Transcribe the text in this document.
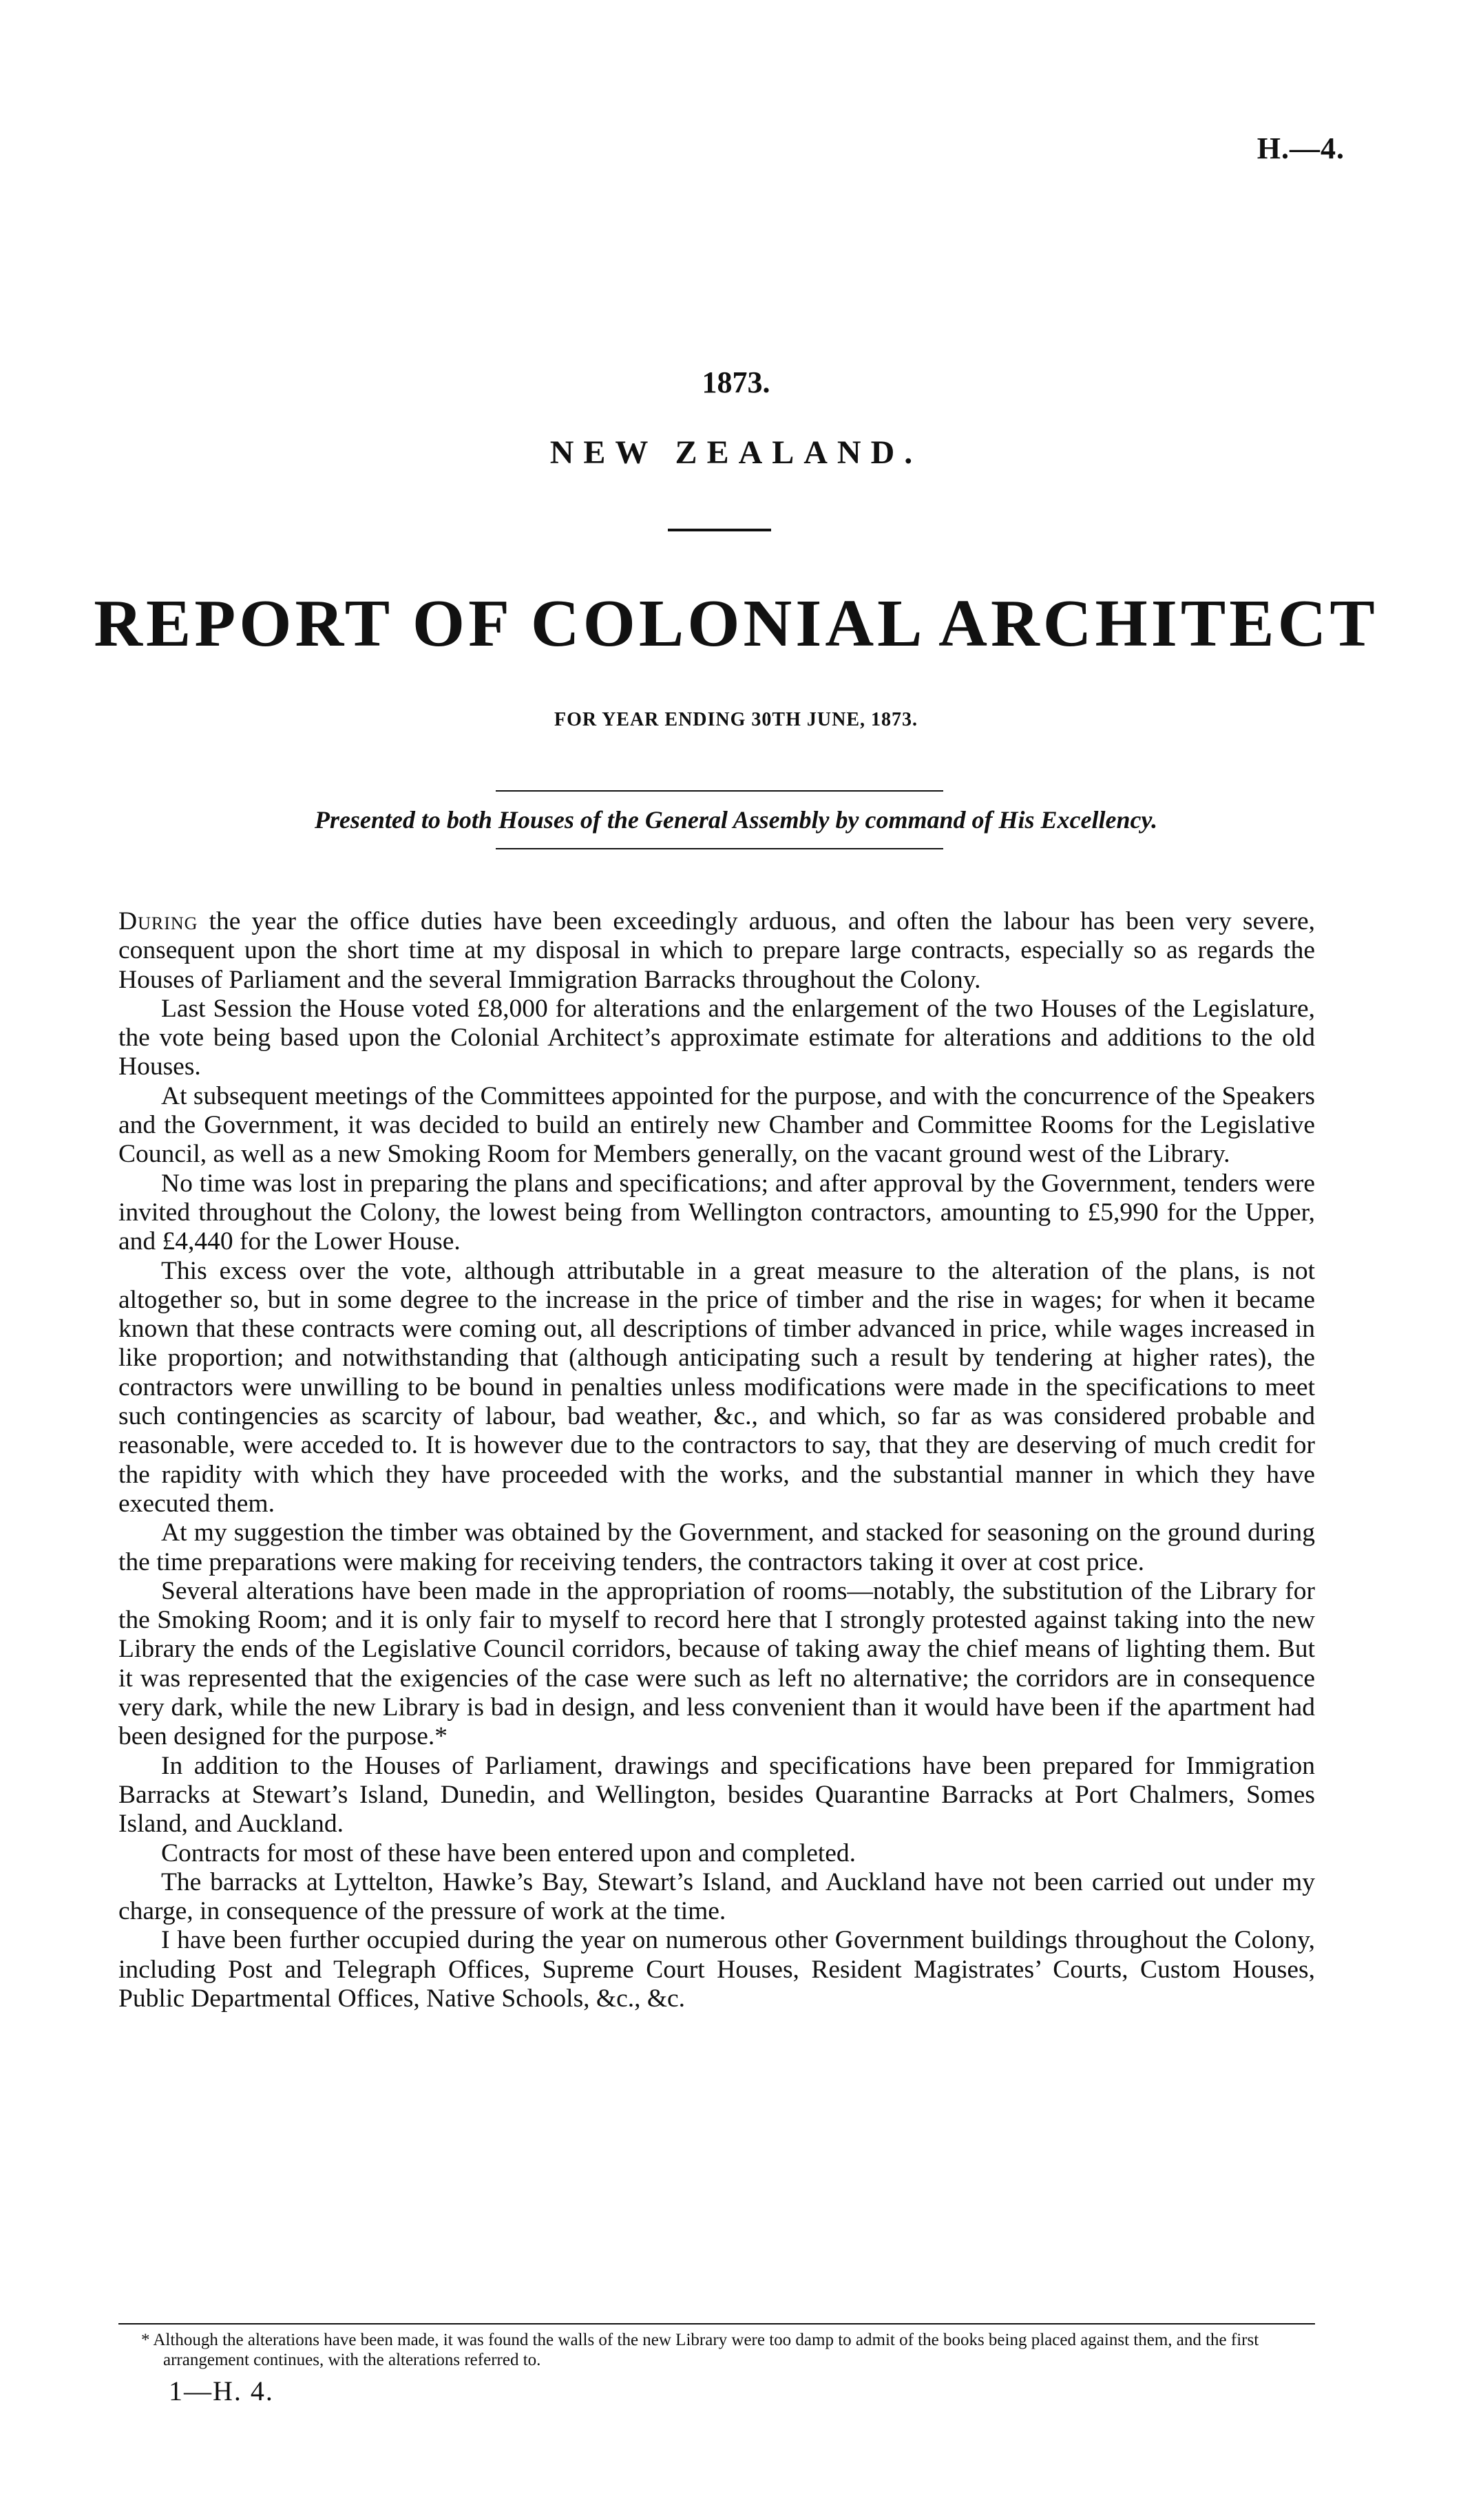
H.—4.
1873.
NEW ZEALAND.
REPORT OF COLONIAL ARCHITECT
FOR YEAR ENDING 30TH JUNE, 1873.
Presented to both Houses of the General Assembly by command of His Excellency.

During the year the office duties have been exceedingly arduous, and often the labour has been very severe, consequent upon the short time at my disposal in which to prepare large contracts, especially so as regards the Houses of Parliament and the several Immigration Barracks throughout the Colony.

Last Session the House voted £8,000 for alterations and the enlargement of the two Houses of the Legislature, the vote being based upon the Colonial Architect’s approximate estimate for alterations and additions to the old Houses.

At subsequent meetings of the Committees appointed for the purpose, and with the concurrence of the Speakers and the Government, it was decided to build an entirely new Chamber and Committee Rooms for the Legislative Council, as well as a new Smoking Room for Members generally, on the vacant ground west of the Library.

No time was lost in preparing the plans and specifications; and after approval by the Government, tenders were invited throughout the Colony, the lowest being from Wellington contractors, amounting to £5,990 for the Upper, and £4,440 for the Lower House.

This excess over the vote, although attributable in a great measure to the alteration of the plans, is not altogether so, but in some degree to the increase in the price of timber and the rise in wages; for when it became known that these contracts were coming out, all descriptions of timber advanced in price, while wages increased in like proportion; and notwithstanding that (although anticipating such a result by tendering at higher rates), the contractors were unwilling to be bound in penalties unless modifications were made in the specifications to meet such contingencies as scarcity of labour, bad weather, &c., and which, so far as was considered probable and reasonable, were acceded to. It is however due to the contractors to say, that they are deserving of much credit for the rapidity with which they have proceeded with the works, and the substantial manner in which they have executed them.

At my suggestion the timber was obtained by the Government, and stacked for seasoning on the ground during the time preparations were making for receiving tenders, the contractors taking it over at cost price.

Several alterations have been made in the appropriation of rooms—notably, the substitution of the Library for the Smoking Room; and it is only fair to myself to record here that I strongly protested against taking into the new Library the ends of the Legislative Council corridors, because of taking away the chief means of lighting them. But it was represented that the exigencies of the case were such as left no alternative; the corridors are in consequence very dark, while the new Library is bad in design, and less convenient than it would have been if the apartment had been designed for the purpose.*

In addition to the Houses of Parliament, drawings and specifications have been prepared for Immigration Barracks at Stewart’s Island, Dunedin, and Wellington, besides Quarantine Barracks at Port Chalmers, Somes Island, and Auckland.

Contracts for most of these have been entered upon and completed.

The barracks at Lyttelton, Hawke’s Bay, Stewart’s Island, and Auckland have not been carried out under my charge, in consequence of the pressure of work at the time.

I have been further occupied during the year on numerous other Government buildings throughout the Colony, including Post and Telegraph Offices, Supreme Court Houses, Resident Magistrates’ Courts, Custom Houses, Public Departmental Offices, Native Schools, &c., &c.

* Although the alterations have been made, it was found the walls of the new Library were too damp to admit of the books being placed against them, and the first arrangement continues, with the alterations referred to.
1—H. 4.
